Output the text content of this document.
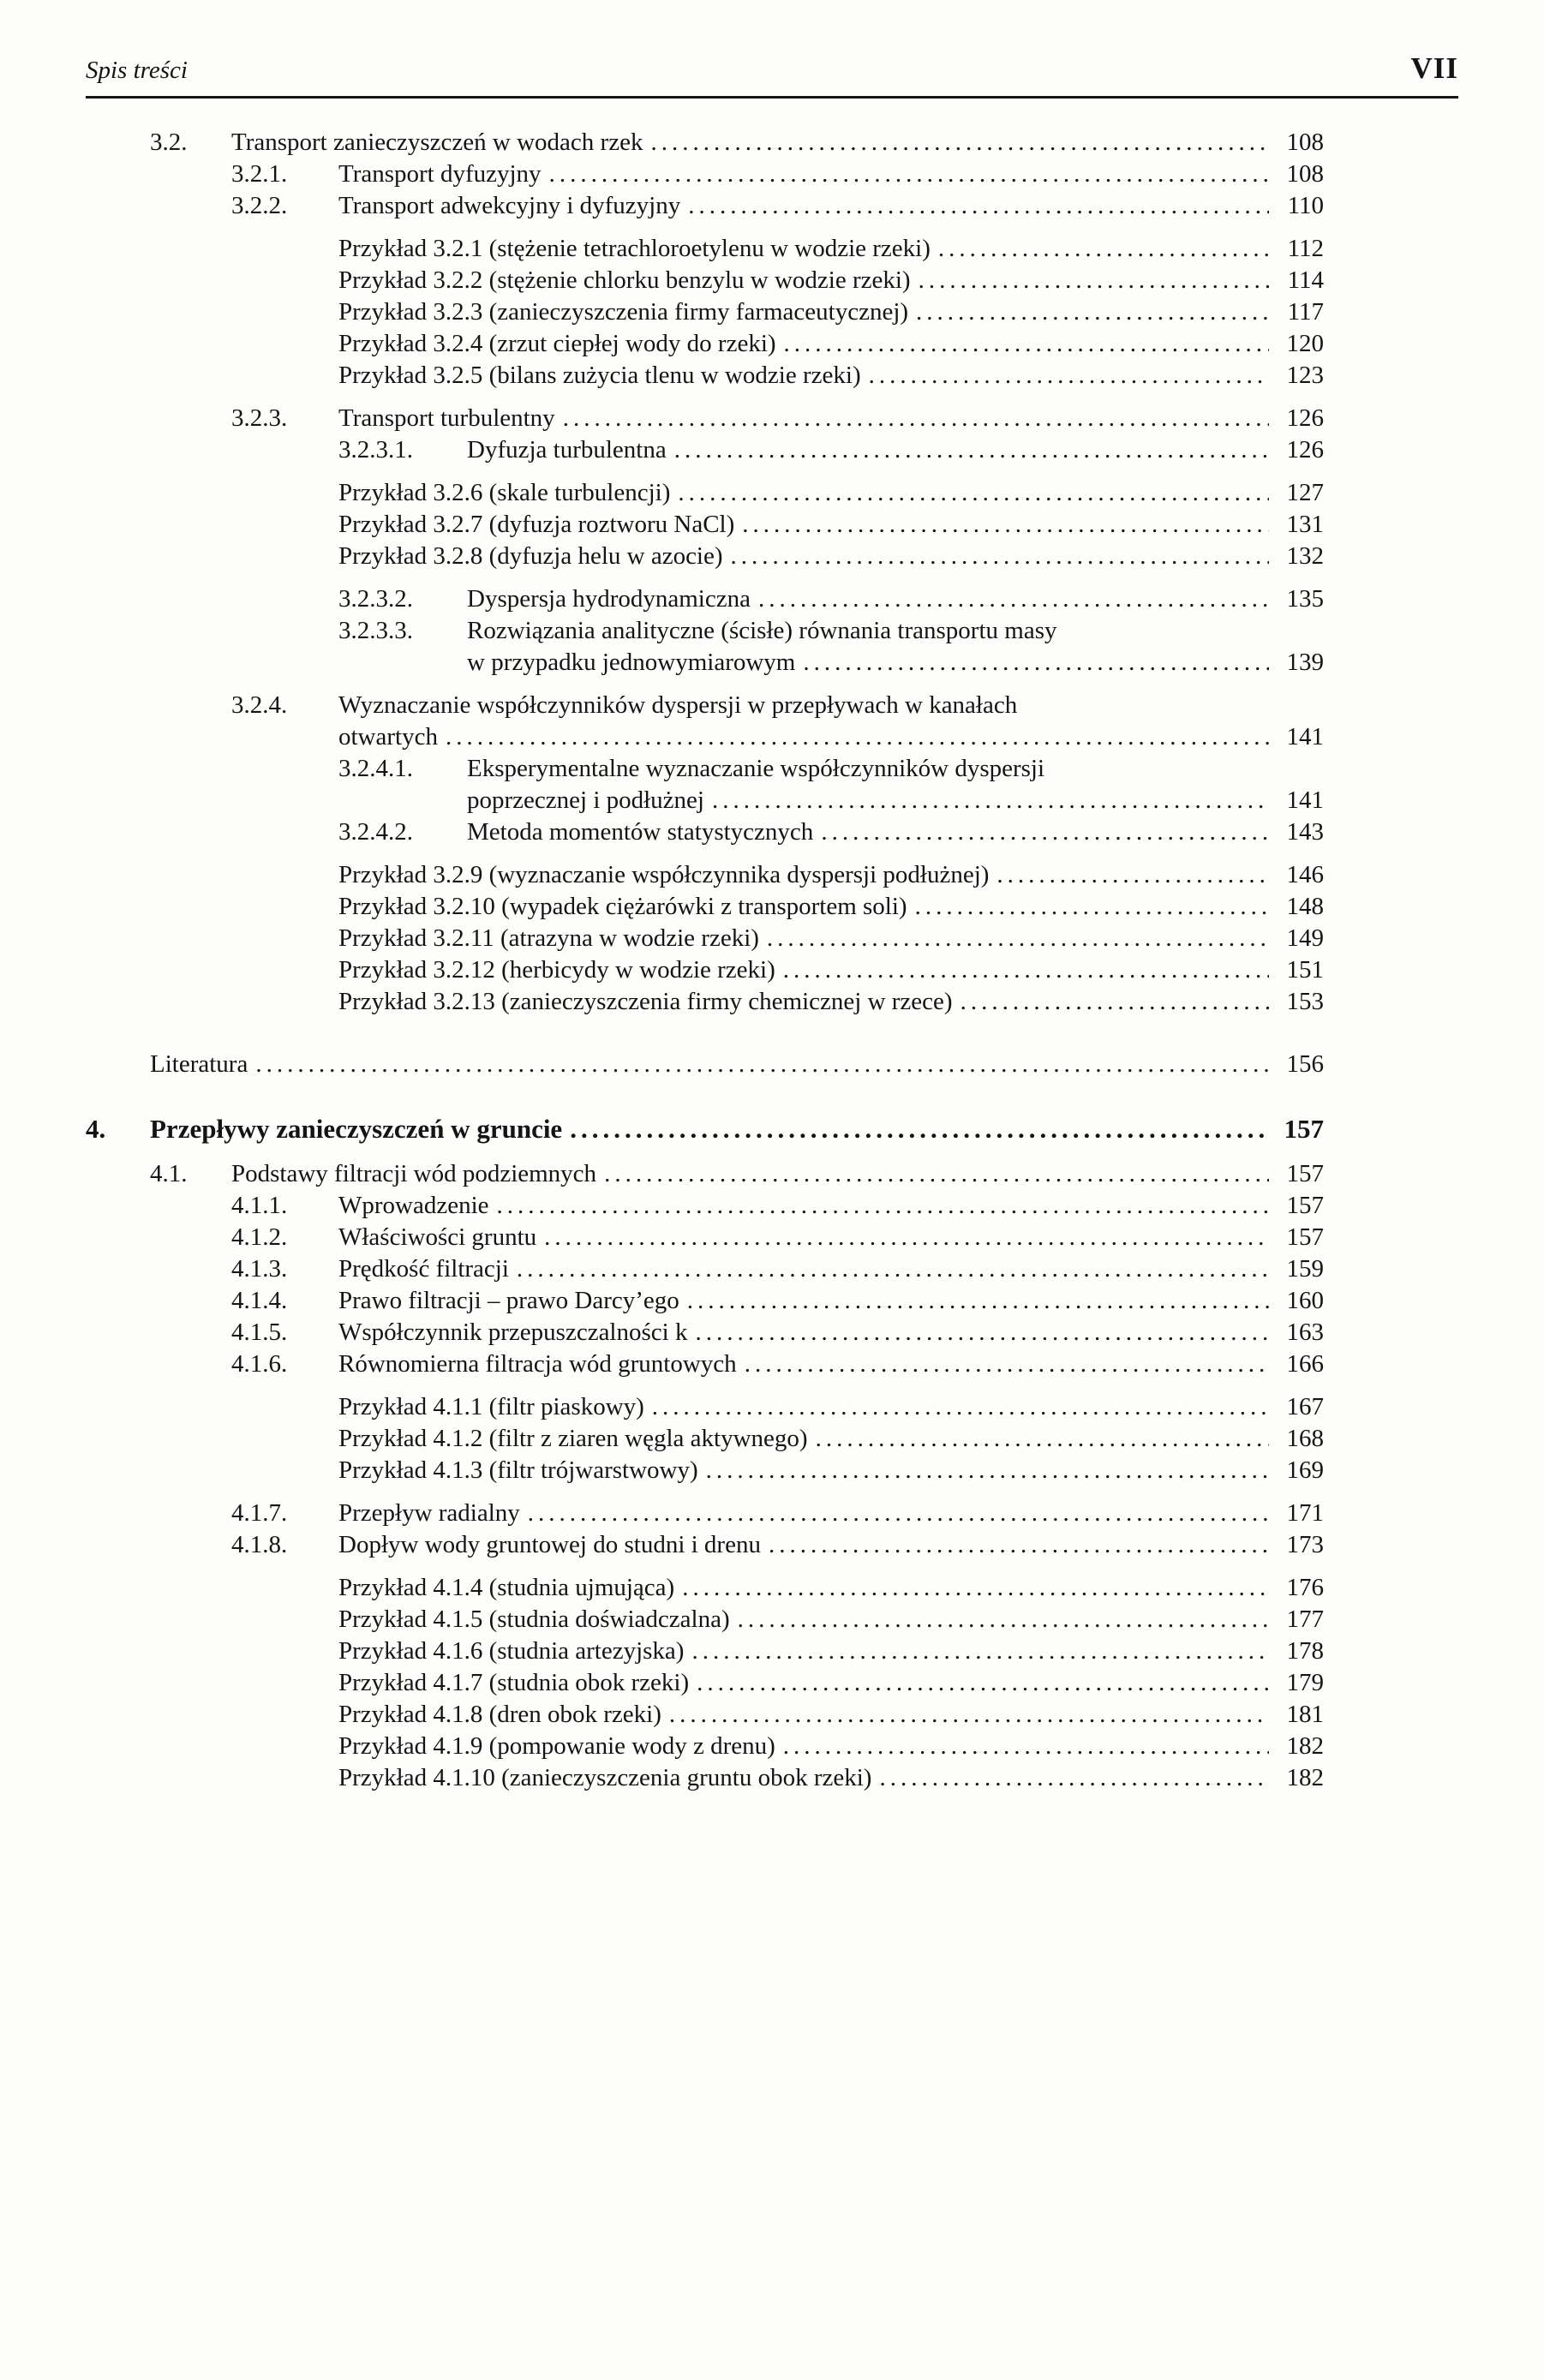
Spis treści	VII
3.2.	Transport zanieczyszczeń w wodach rzek .....	108
3.2.1.	Transport dyfuzyjny .....	108
3.2.2.	Transport adwekcyjny i dyfuzyjny .....	110
Przykład 3.2.1 (stężenie tetrachloroetylenu w wodzie rzeki) .....	112
Przykład 3.2.2 (stężenie chlorku benzylu w wodzie rzeki) .....	114
Przykład 3.2.3 (zanieczyszczenia firmy farmaceutycznej) .....	117
Przykład 3.2.4 (zrzut ciepłej wody do rzeki) .....	120
Przykład 3.2.5 (bilans zużycia tlenu w wodzie rzeki) .....	123
3.2.3.	Transport turbulentny .....	126
3.2.3.1.	Dyfuzja turbulentna .....	126
Przykład 3.2.6 (skale turbulencji) .....	127
Przykład 3.2.7 (dyfuzja roztworu NaCl) .....	131
Przykład 3.2.8 (dyfuzja helu w azocie) .....	132
3.2.3.2.	Dyspersja hydrodynamiczna .....	135
3.2.3.3.	Rozwiązania analityczne (ścisłe) równania transportu masy
w przypadku jednowymiarowym .....	139
3.2.4.	Wyznaczanie współczynników dyspersji w przepływach w kanałach
otwartych .....	141
3.2.4.1.	Eksperymentalne wyznaczanie współczynników dyspersji
poprzecznej i podłużnej .....	141
3.2.4.2.	Metoda momentów statystycznych .....	143
Przykład 3.2.9 (wyznaczanie współczynnika dyspersji podłużnej) .....	146
Przykład 3.2.10 (wypadek ciężarówki z transportem soli) .....	148
Przykład 3.2.11 (atrazyna w wodzie rzeki) .....	149
Przykład 3.2.12 (herbicydy w wodzie rzeki) .....	151
Przykład 3.2.13 (zanieczyszczenia firmy chemicznej w rzece) .....	153
Literatura .....	156
4.	Przepływy zanieczyszczeń w gruncie .....	157
4.1.	Podstawy filtracji wód podziemnych .....	157
4.1.1.	Wprowadzenie .....	157
4.1.2.	Właściwości gruntu .....	157
4.1.3.	Prędkość filtracji .....	159
4.1.4.	Prawo filtracji – prawo Darcy’ego .....	160
4.1.5.	Współczynnik przepuszczalności k .....	163
4.1.6.	Równomierna filtracja wód gruntowych .....	166
Przykład 4.1.1 (filtr piaskowy) .....	167
Przykład 4.1.2 (filtr z ziaren węgla aktywnego) .....	168
Przykład 4.1.3 (filtr trójwarstwowy) .....	169
4.1.7.	Przepływ radialny .....	171
4.1.8.	Dopływ wody gruntowej do studni i drenu .....	173
Przykład 4.1.4 (studnia ujmująca) .....	176
Przykład 4.1.5 (studnia doświadczalna) .....	177
Przykład 4.1.6 (studnia artezyjska) .....	178
Przykład 4.1.7 (studnia obok rzeki) .....	179
Przykład 4.1.8 (dren obok rzeki) .....	181
Przykład 4.1.9 (pompowanie wody z drenu) .....	182
Przykład 4.1.10 (zanieczyszczenia gruntu obok rzeki) .....	182
